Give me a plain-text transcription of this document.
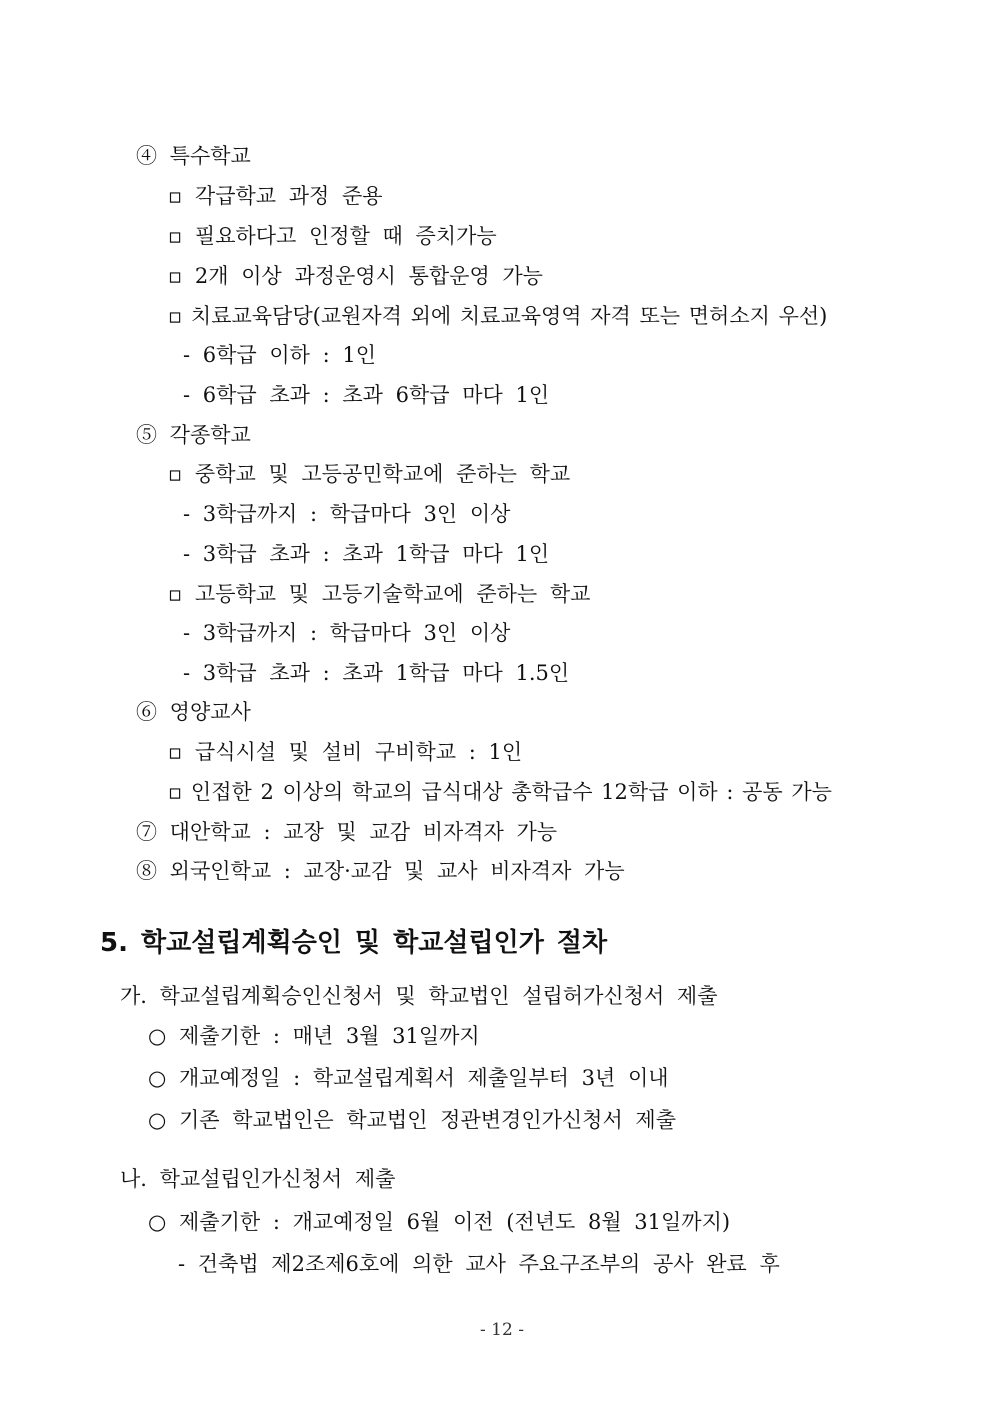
④ 특수학교
▫ 각급학교 과정 준용
▫ 필요하다고 인정할 때 증치가능
▫ 2개 이상 과정운영시 통합운영 가능
▫ 치료교육담당(교원자격 외에 치료교육영역 자격 또는 면허소지 우선)
- 6학급 이하 : 1인
- 6학급 초과 : 초과 6학급 마다 1인
⑤ 각종학교
▫ 중학교 및 고등공민학교에 준하는 학교
- 3학급까지 : 학급마다 3인 이상
- 3학급 초과 : 초과 1학급 마다 1인
▫ 고등학교 및 고등기술학교에 준하는 학교
- 3학급까지 : 학급마다 3인 이상
- 3학급 초과 : 초과 1학급 마다 1.5인
⑥ 영양교사
▫ 급식시설 및 설비 구비학교 : 1인
▫ 인접한 2 이상의 학교의 급식대상 총학급수 12학급 이하 : 공동 가능
⑦ 대안학교 : 교장 및 교감 비자격자 가능
⑧ 외국인학교 : 교장·교감 및 교사 비자격자 가능
5. 학교설립계획승인 및 학교설립인가 절차
가. 학교설립계획승인신청서 및 학교법인 설립허가신청서 제출
○ 제출기한 : 매년 3월 31일까지
○ 개교예정일 : 학교설립계획서 제출일부터 3년 이내
○ 기존 학교법인은 학교법인 정관변경인가신청서 제출
나. 학교설립인가신청서 제출
○ 제출기한 : 개교예정일 6월 이전 (전년도 8월 31일까지)
- 건축법 제2조제6호에 의한 교사 주요구조부의 공사 완료 후
- 12 -
